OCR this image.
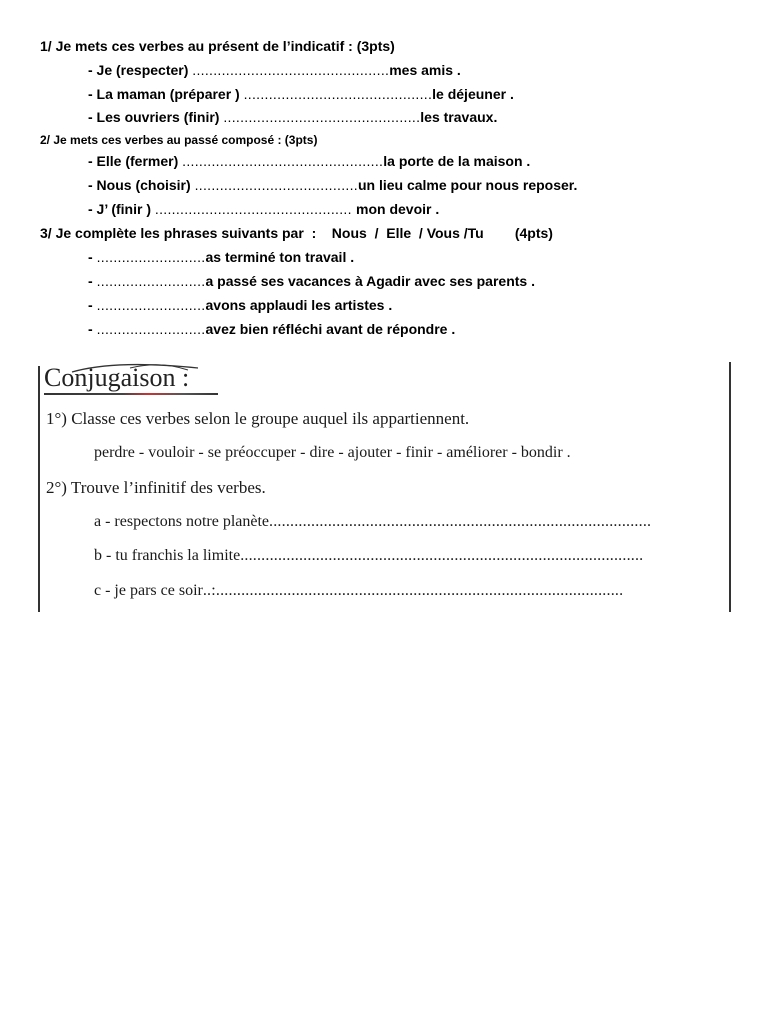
1/ Je mets ces verbes au présent de l’indicatif : (3pts)
- Je (respecter) ...............................................mes amis .
- La maman (préparer ) .............................................le déjeuner .
- Les ouvriers (finir) ...............................................les travaux.
2/ Je mets ces verbes au passé composé : (3pts)
- Elle (fermer) ................................................la porte de la maison .
- Nous (choisir) .......................................un lieu calme pour nous reposer.
- J’ (finir ) ............................................... mon devoir .
3/ Je complète les phrases suivants par  :    Nous  /  Elle  / Vous /Tu        (4pts)
- ..........................as terminé ton travail .
- ..........................a passé ses vacances à Agadir avec ses parents .
- ..........................avons applaudi les artistes .
- ..........................avez bien réfléchi avant de répondre .
Conjugaison :
1°) Classe ces verbes selon le groupe auquel ils appartiennent.
perdre - vouloir - se préoccuper - dire - ajouter - finir - améliorer - bondir .
2°) Trouve l’infinitif des verbes.
a - respectons notre planète...........................................................................................
b - tu franchis la limite................................................................................................
c - je pars ce soir..:.................................................................................................
